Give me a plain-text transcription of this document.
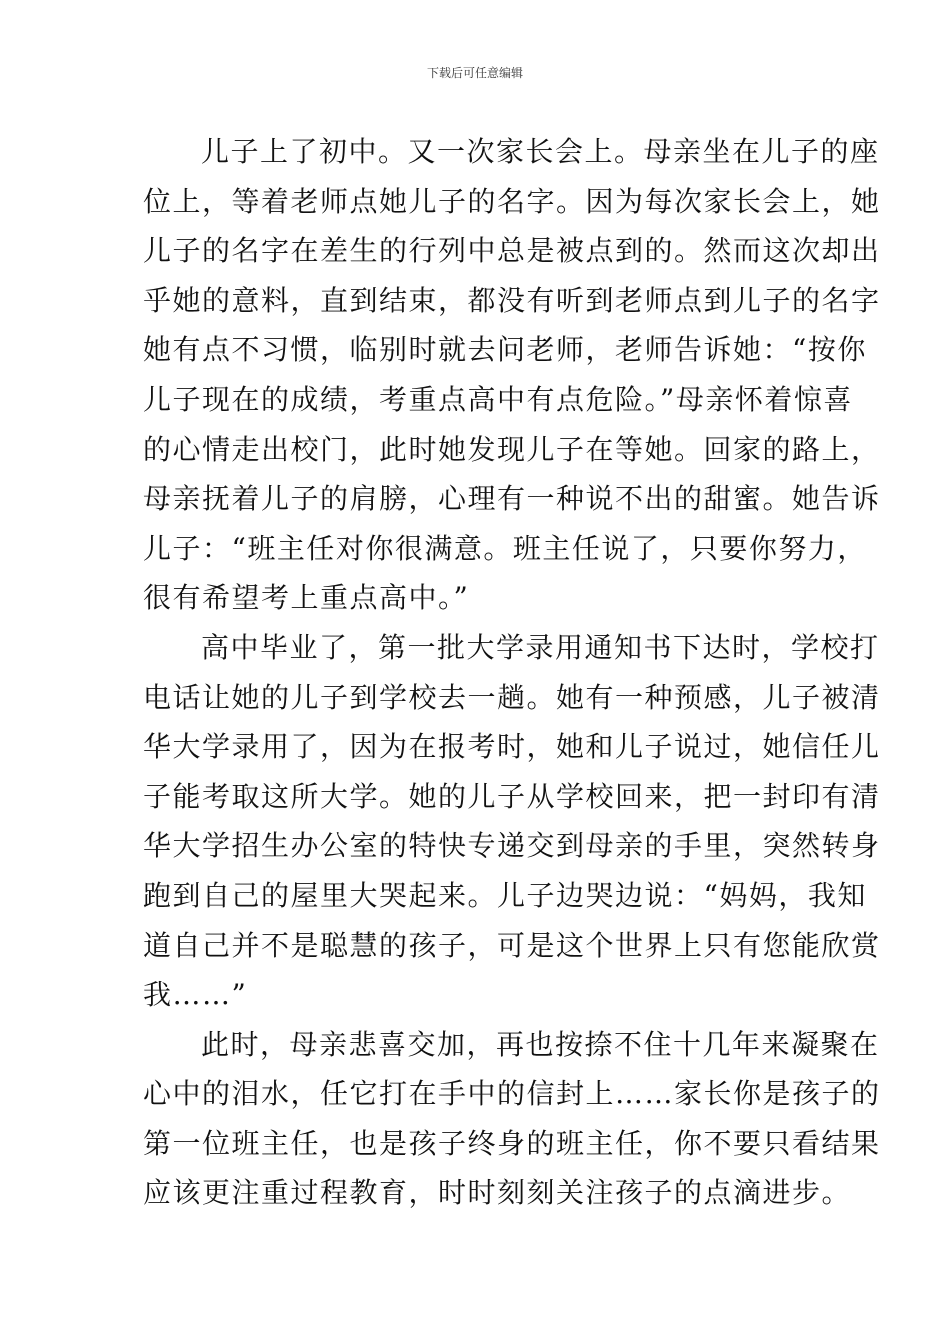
下载后可任意编辑
儿子上了初中。又一次家长会上。母亲坐在儿子的座
位上，等着老师点她儿子的名字。因为每次家长会上，她
儿子的名字在差生的行列中总是被点到的。然而这次却出
乎她的意料，直到结束，都没有听到老师点到儿子的名字
她有点不习惯，临别时就去问老师，老师告诉她：“按你
儿子现在的成绩，考重点高中有点危险。”母亲怀着惊喜
的心情走出校门，此时她发现儿子在等她。回家的路上，
母亲抚着儿子的肩膀，心理有一种说不出的甜蜜。她告诉
儿子：“班主任对你很满意。班主任说了，只要你努力，
很有希望考上重点高中。”
高中毕业了，第一批大学录用通知书下达时，学校打
电话让她的儿子到学校去一趟。她有一种预感，儿子被清
华大学录用了，因为在报考时，她和儿子说过，她信任儿
子能考取这所大学。她的儿子从学校回来，把一封印有清
华大学招生办公室的特快专递交到母亲的手里，突然转身
跑到自己的屋里大哭起来。儿子边哭边说：“妈妈，我知
道自己并不是聪慧的孩子，可是这个世界上只有您能欣赏
我……”
此时，母亲悲喜交加，再也按捺不住十几年来凝聚在
心中的泪水，任它打在手中的信封上……家长你是孩子的
第一位班主任，也是孩子终身的班主任，你不要只看结果
应该更注重过程教育，时时刻刻关注孩子的点滴进步。
